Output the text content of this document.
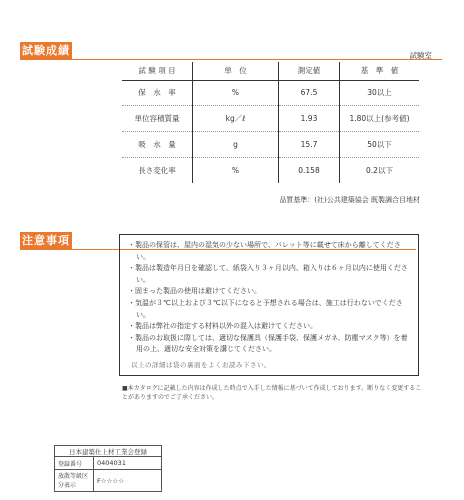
試験成績	試験室
試 験 項 目	単　位	測定値	基　準　値
保　水　率	%	67.5	30以上
単位容積質量	kg／ℓ	1.93	1.80以上(参考値)
吸　水　量	g	15.7	50以下
長さ変化率	%	0.158	0.2以下
品質基準：(社)公共建築協会 既製調合目地材
注意事項	・製品の保管は、屋内の湿気の少ない場所で、パレット等に載せて床から離してください。
・製品は製造年月日を確認して、紙袋入り３ヶ月以内、箱入りは６ヶ月以内に使用ください。
・固まった製品の使用は避けてください。
・気温が３℃以上および３℃以下になると予想される場合は、施工は行わないでください。
・製品は弊社の指定する材料以外の混入は避けてください。
・製品のお取扱に際しては、適切な保護具（保護手袋、保護メガネ、防塵マスク等）を着用の上、適切な安全対策を講じてください。
以上の詳細は袋の裏面をよくお読み下さい。
■本カタログに記載した内容は作成した時点で入手した情報に基づいて作成しております。断りなく変更することがありますのでご了承ください。
日本建築仕上材工業会登録	
登録番号	0404031
放散等級区分表示	F☆☆☆☆
